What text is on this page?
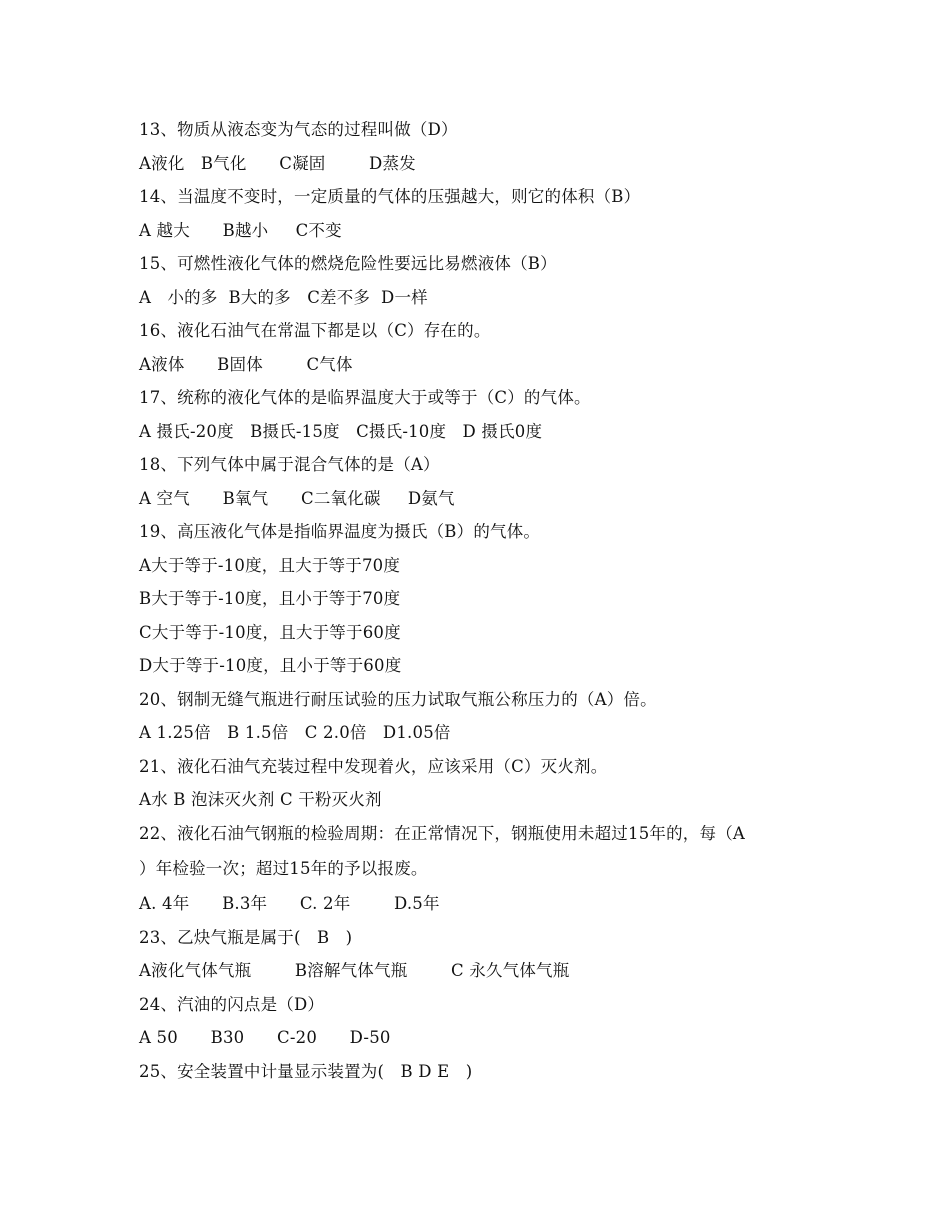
13、物质从液态变为气态的过程叫做（D）
A液化   B气化      C凝固        D蒸发
14、当温度不变时，一定质量的气体的压强越大，则它的体积（B）
A 越大      B越小     C不变
15、可燃性液化气体的燃烧危险性要远比易燃液体（B）
A   小的多  B大的多   C差不多  D一样
16、液化石油气在常温下都是以（C）存在的。
A液体      B固体        C气体
17、统称的液化气体的是临界温度大于或等于（C）的气体。
A 摄氏-20度   B摄氏-15度   C摄氏-10度   D 摄氏0度
18、下列气体中属于混合气体的是（A）
A 空气      B氧气      C二氧化碳     D氨气
19、高压液化气体是指临界温度为摄氏（B）的气体。
A大于等于-10度，且大于等于70度
B大于等于-10度，且小于等于70度
C大于等于-10度，且大于等于60度
D大于等于-10度，且小于等于60度
20、钢制无缝气瓶进行耐压试验的压力试取气瓶公称压力的（A）倍。
A 1.25倍   B 1.5倍   C 2.0倍   D1.05倍
21、液化石油气充装过程中发现着火，应该采用（C）灭火剂。
A水 B 泡沫灭火剂 C 干粉灭火剂
22、液化石油气钢瓶的检验周期：在正常情况下，钢瓶使用未超过15年的，每（A
）年检验一次；超过15年的予以报废。
A. 4年      B.3年      C. 2年        D.5年
23、乙炔气瓶是属于(   B   )
A液化气体气瓶        B溶解气体气瓶        C 永久气体气瓶
24、汽油的闪点是（D）
A 50      B30      C-20      D-50
25、安全装置中计量显示装置为(   B D E   )
